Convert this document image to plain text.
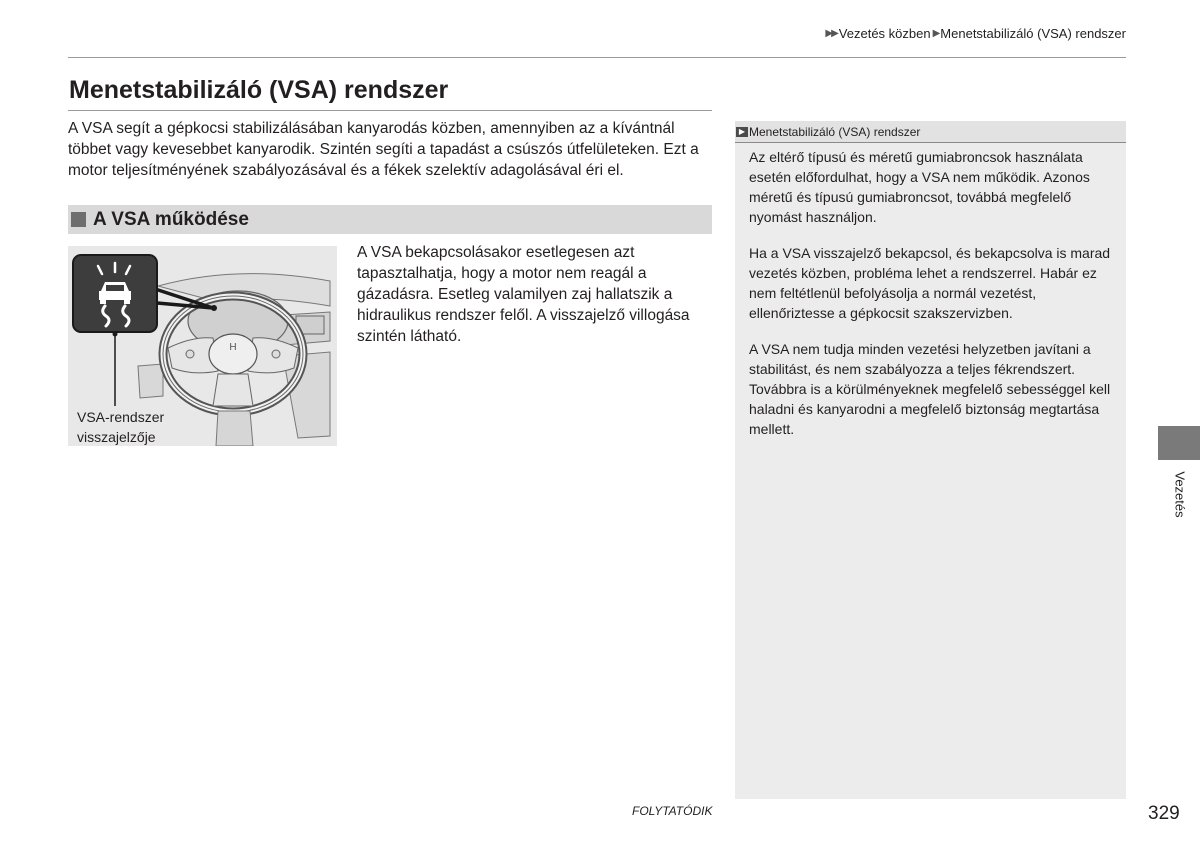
▶▶ Vezetés közben ▶ Menetstabilizáló (VSA) rendszer
Menetstabilizáló (VSA) rendszer

A VSA segít a gépkocsi stabilizálásában kanyarodás közben, amennyiben az a kívántnál többet vagy kevesebbet kanyarodik. Szintén segíti a tapadást a csúszós útfelületeken. Ezt a motor teljesítményének szabályozásával és a fékek szelektív adagolásával éri el.

A VSA működése
H
VSA-rendszer
visszajelzője

A VSA bekapcsolásakor esetlegesen azt tapasztalhatja, hogy a motor nem reagál a gázadásra. Esetleg valamilyen zaj hallatszik a hidraulikus rendszer felől. A visszajelző villogása szintén látható.

▶ Menetstabilizáló (VSA) rendszer

Az eltérő típusú és méretű gumiabroncsok használata esetén előfordulhat, hogy a VSA nem működik. Azonos méretű és típusú gumiabroncsot, továbbá megfelelő nyomást használjon.

Ha a VSA visszajelző bekapcsol, és bekapcsolva is marad vezetés közben, probléma lehet a rendszerrel. Habár ez nem feltétlenül befolyásolja a normál vezetést, ellenőriztesse a gépkocsit szakszervizben.

A VSA nem tudja minden vezetési helyzetben javítani a stabilitást, és nem szabályozza a teljes fékrendszert. Továbbra is a körülményeknek megfelelő sebességgel kell haladni és kanyarodni a megfelelő biztonság megtartása mellett.

Vezetés
FOLYTATÓDIK	329
